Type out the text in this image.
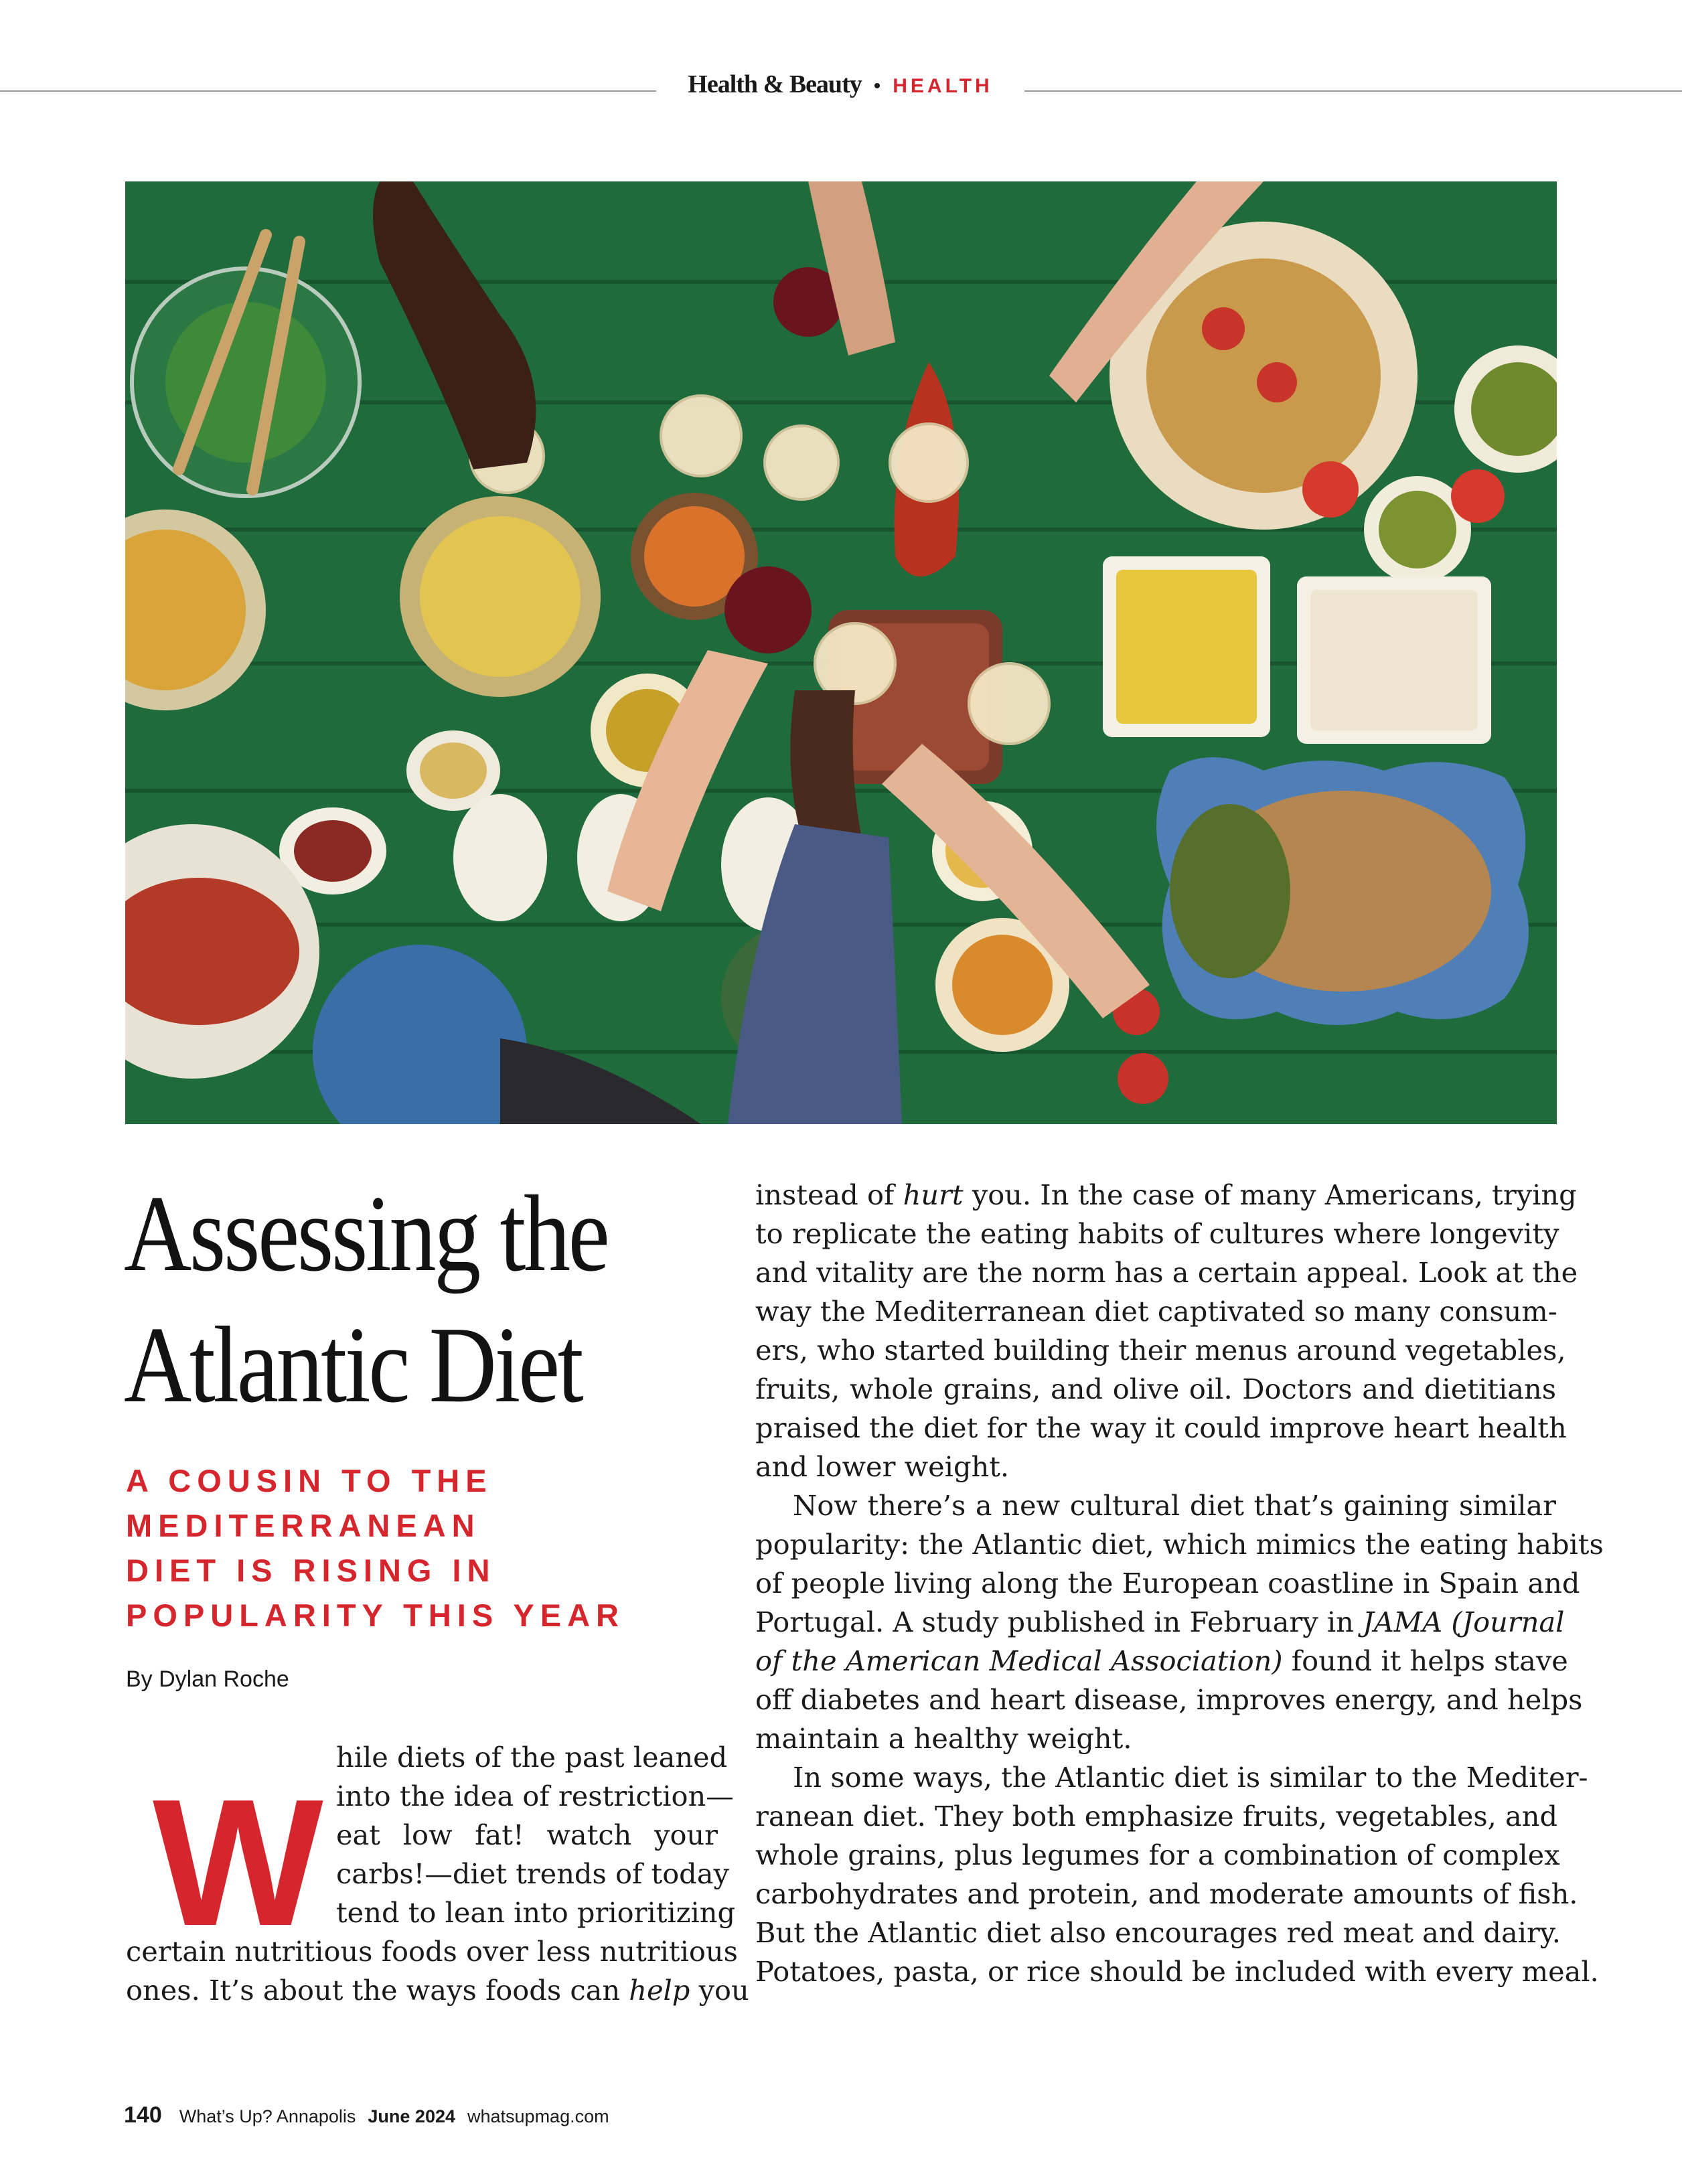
Health & Beauty • HEALTH
Assessing the
Atlantic Diet
A COUSIN TO THE
MEDITERRANEAN
DIET IS RISING IN
POPULARITY THIS YEAR
By Dylan Roche
W
hile diets of the past leaned
into the idea of restriction—
eat low fat! watch your
carbs!—diet trends of today
tend to lean into prioritizing
certain nutritious foods over less nutritious
ones. It’s about the ways foods can help you
instead of hurt you. In the case of many Americans, trying
to replicate the eating habits of cultures where longevity
and vitality are the norm has a certain appeal. Look at the
way the Mediterranean diet captivated so many consum-
ers, who started building their menus around vegetables,
fruits, whole grains, and olive oil. Doctors and dietitians
praised the diet for the way it could improve heart health
and lower weight.
Now there’s a new cultural diet that’s gaining similar
popularity: the Atlantic diet, which mimics the eating habits
of people living along the European coastline in Spain and
Portugal. A study published in February in JAMA (Journal
of the American Medical Association) found it helps stave
off diabetes and heart disease, improves energy, and helps
maintain a healthy weight.
In some ways, the Atlantic diet is similar to the Mediter-
ranean diet. They both emphasize fruits, vegetables, and
whole grains, plus legumes for a combination of complex
carbohydrates and protein, and moderate amounts of fish.
But the Atlantic diet also encourages red meat and dairy.
Potatoes, pasta, or rice should be included with every meal.
140 What’s Up? Annapolis June 2024 whatsupmag.com
